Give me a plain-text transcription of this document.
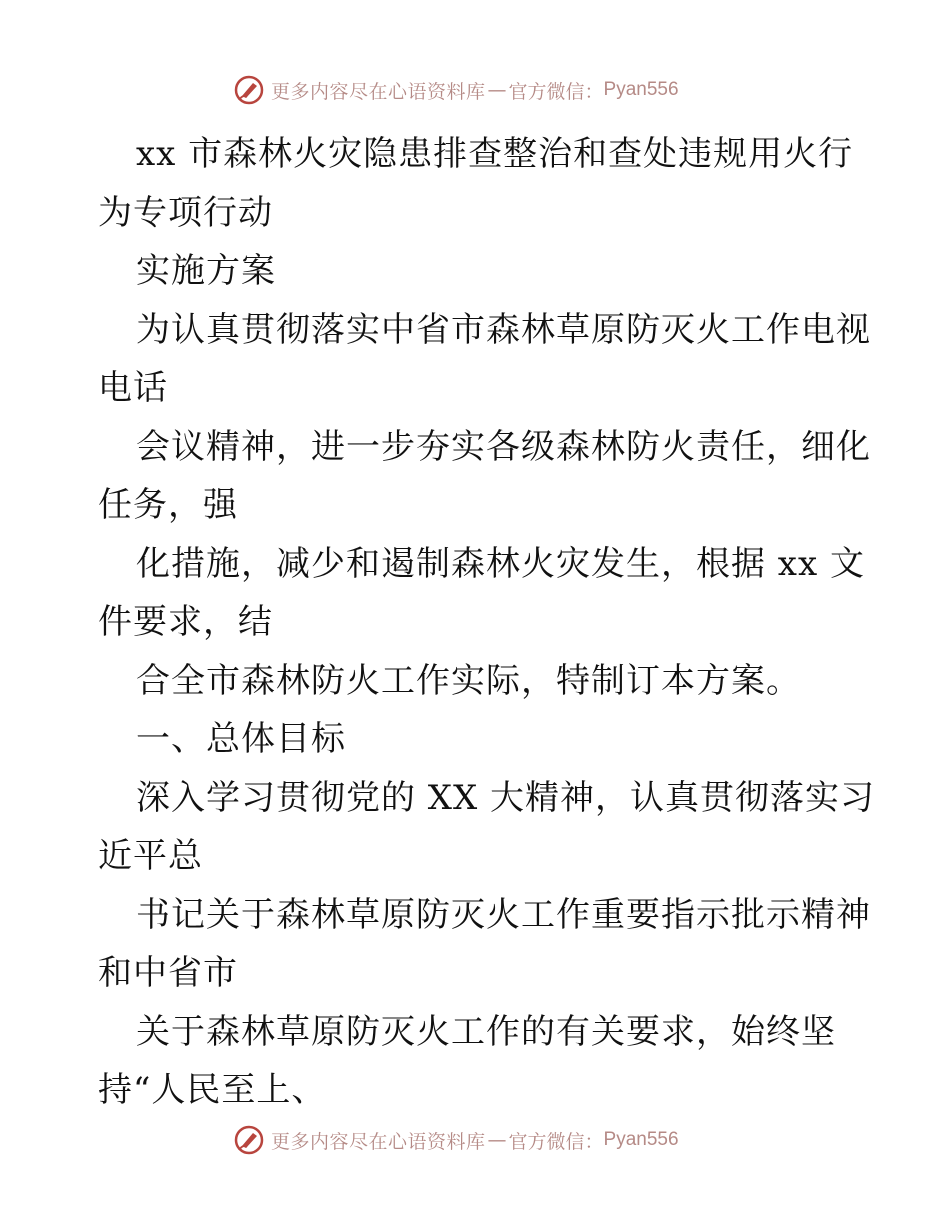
更多内容尽在心语资料库 — 官方微信： Pyan556
xx 市森林火灾隐患排查整治和查处违规用火行
为专项行动
实施方案
为认真贯彻落实中省市森林草原防灭火工作电视
电话
会议精神，进一步夯实各级森林防火责任，细化
任务，强
化措施，减少和遏制森林火灾发生，根据 xx 文
件要求，结
合全市森林防火工作实际，特制订本方案。
一、总体目标
深入学习贯彻党的 XX 大精神，认真贯彻落实习
近平总
书记关于森林草原防灭火工作重要指示批示精神
和中省市
关于森林草原防灭火工作的有关要求，始终坚
持“人民至上、
更多内容尽在心语资料库 — 官方微信： Pyan556
